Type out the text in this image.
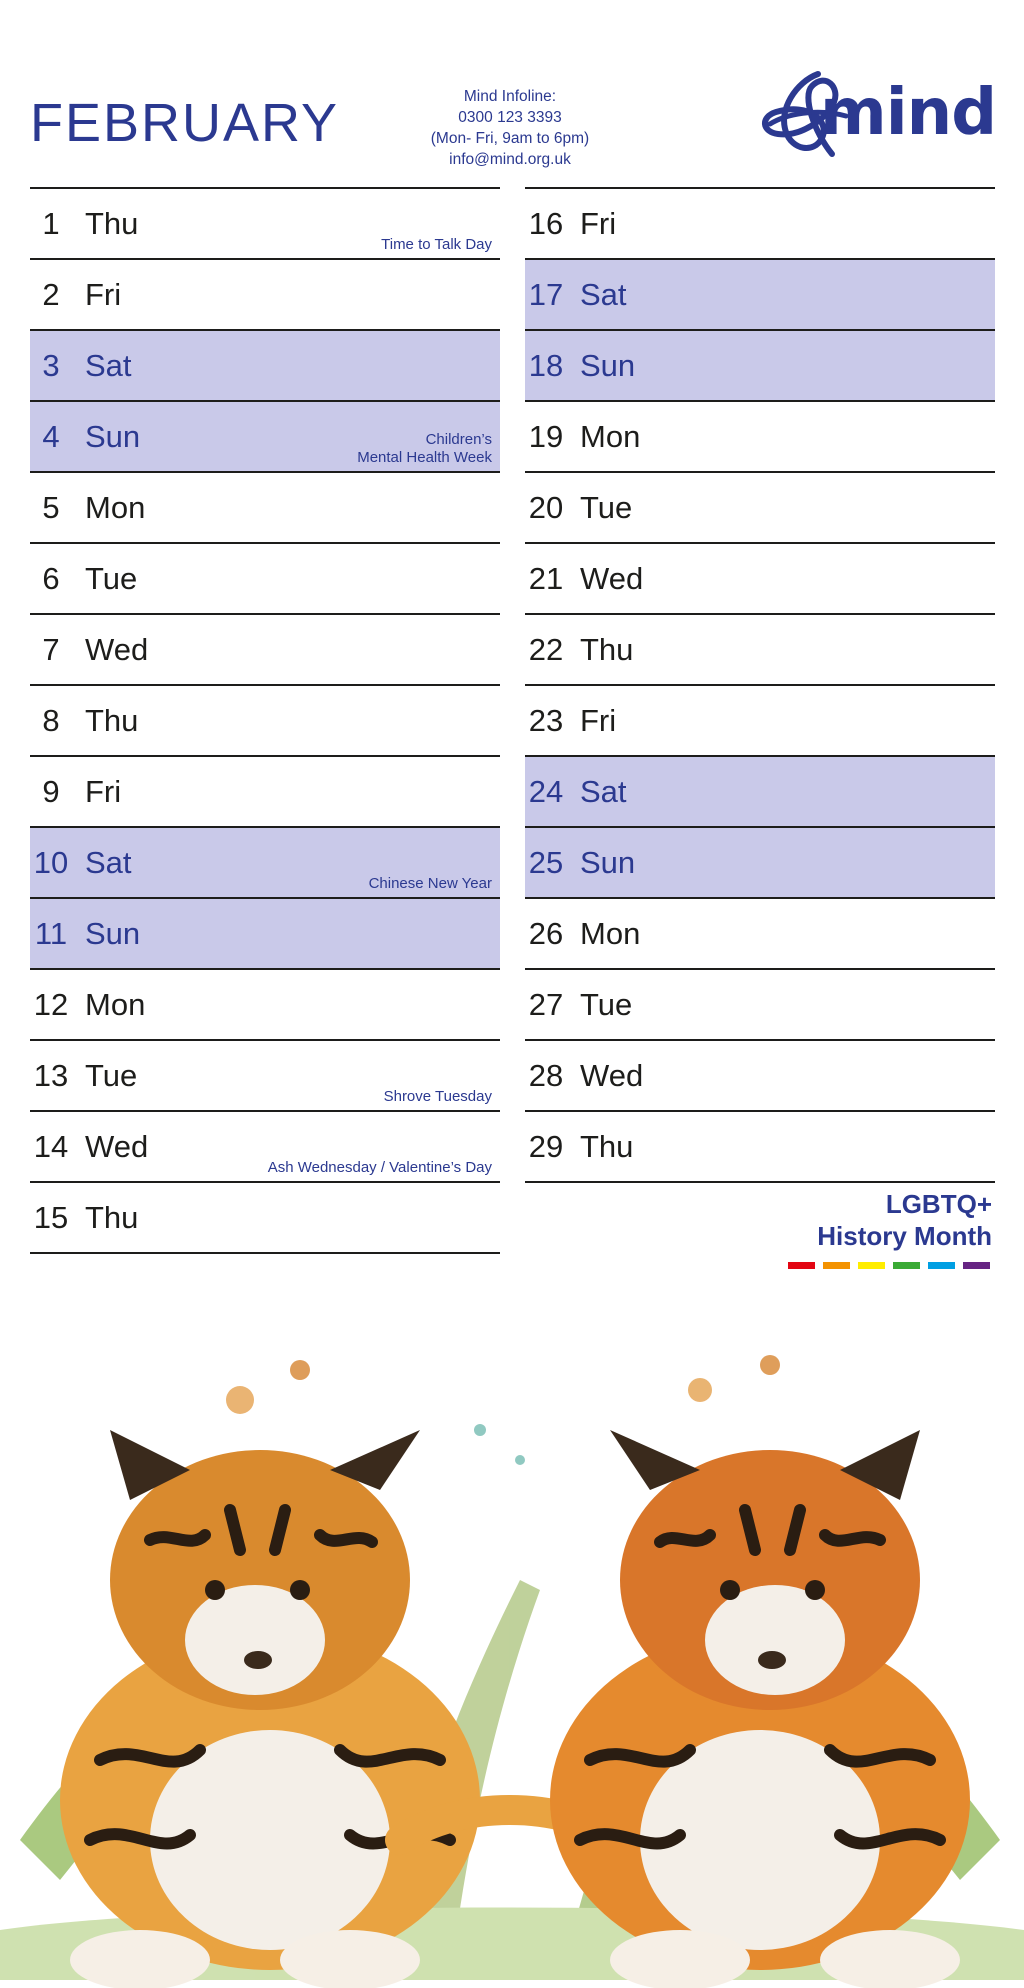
FEBRUARY	Mind Infoline:
0300 123 3393
(Mon- Fri, 9am to 6pm)
info@mind.org.uk
mind
1 Thu
Time to Talk Day
2 Fri
3 Sat
4 Sun	Children’s
Mental Health Week
5 Mon
6 Tue
7 Wed
8 Thu
9 Fri
10 Sat
Chinese New Year
11 Sun
12 Mon
13 Tue
Shrove Tuesday
14 Wed
Ash Wednesday / Valentine’s Day
15 Thu
16 Fri
17 Sat
18 Sun
19 Mon
20 Tue
21 Wed
22 Thu
23 Fri
24 Sat
25 Sun
26 Mon
27 Tue
28 Wed
29 Thu
LGBTQ+
History Month
